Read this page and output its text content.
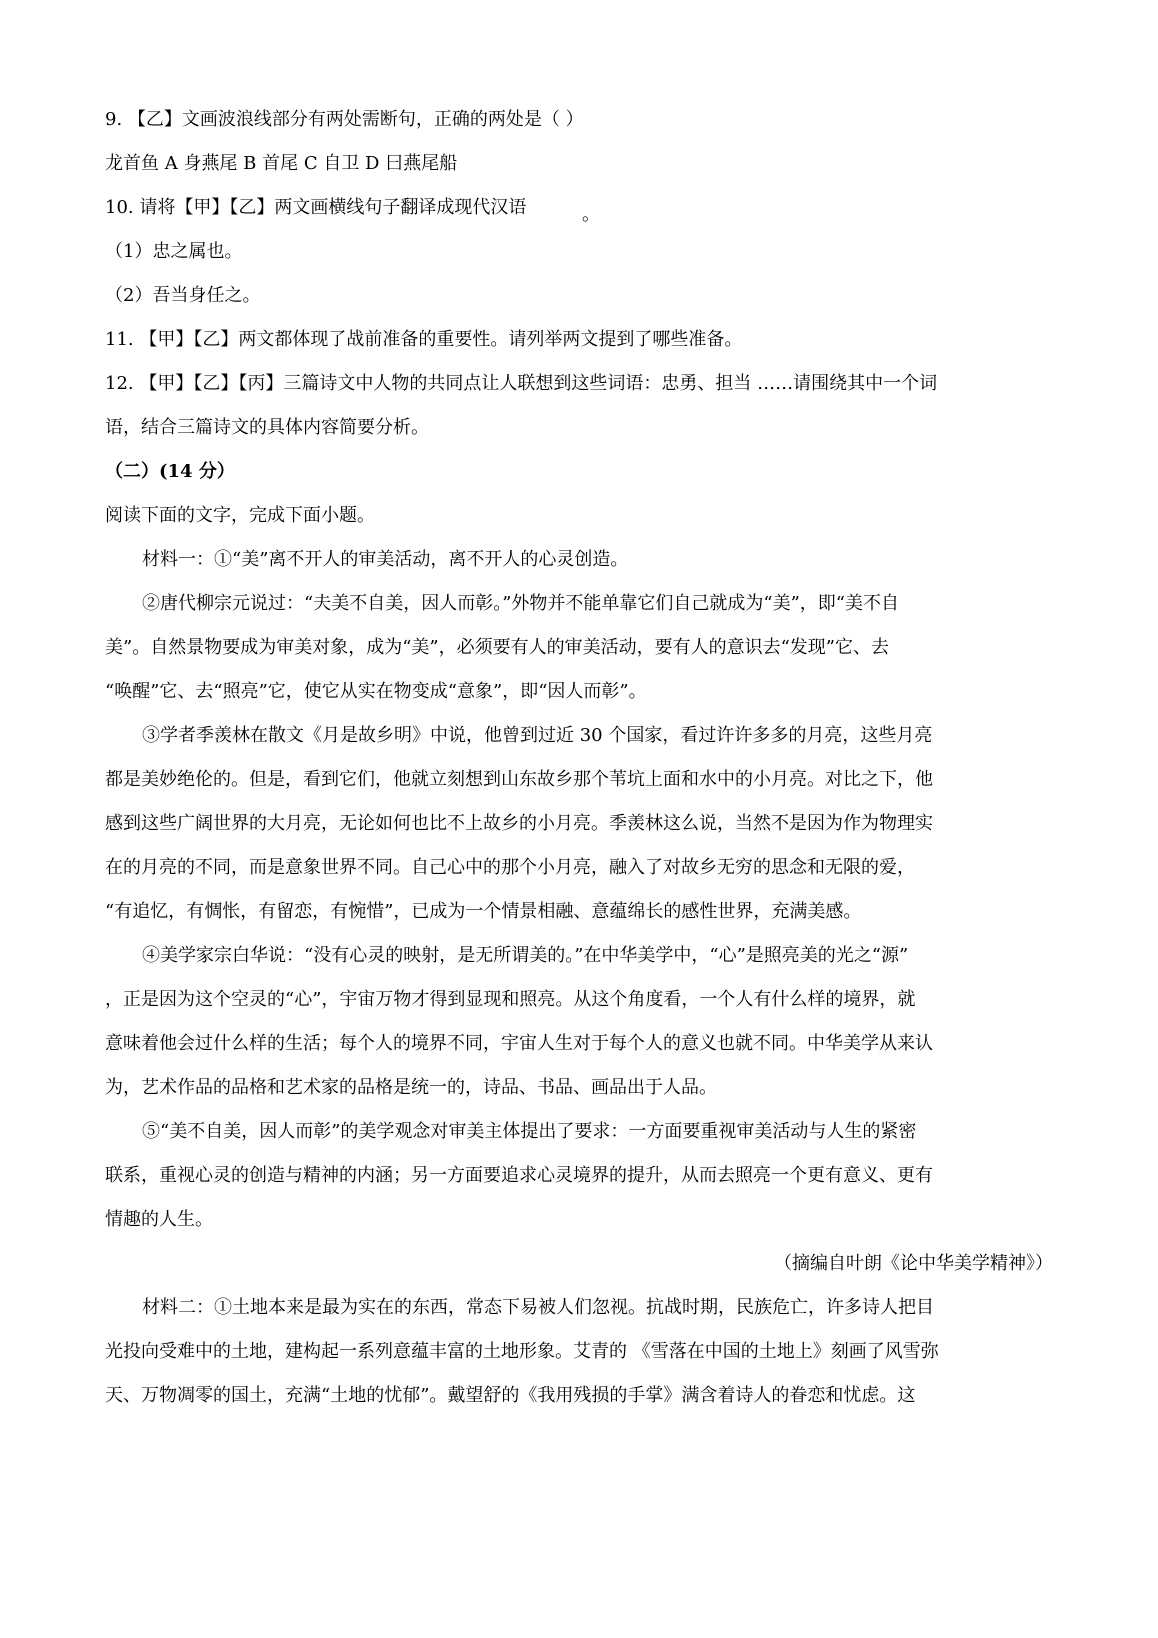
9. 【乙】文画波浪线部分有两处需断句，正确的两处是（ ）
龙首鱼 A 身燕尾 B 首尾 C 自卫 D 曰燕尾船
10. 请将【甲】【乙】两文画横线句子翻译成现代汉语	。
（1）忠之属也。
（2）吾当身任之。
11. 【甲】【乙】两文都体现了战前准备的重要性。请列举两文提到了哪些准备。
12. 【甲】【乙】【丙】三篇诗文中人物的共同点让人联想到这些词语：忠勇、担当 ……请围绕其中一个词
语，结合三篇诗文的具体内容简要分析。
（二）(14 分）
阅读下面的文字，完成下面小题。
材料一：①“美”离不开人的审美活动，离不开人的心灵创造。
②唐代柳宗元说过：“夫美不自美，因人而彰。”外物并不能单靠它们自己就成为“美”，即“美不自
美”。自然景物要成为审美对象，成为“美”，必须要有人的审美活动，要有人的意识去“发现”它、去
“唤醒”它、去“照亮”它，使它从实在物变成“意象”，即“因人而彰”。
③学者季羡林在散文《月是故乡明》中说，他曾到过近 30 个国家，看过许许多多的月亮，这些月亮
都是美妙绝伦的。但是，看到它们，他就立刻想到山东故乡那个苇坑上面和水中的小月亮。对比之下，他
感到这些广阔世界的大月亮，无论如何也比不上故乡的小月亮。季羡林这么说，当然不是因为作为物理实
在的月亮的不同，而是意象世界不同。自己心中的那个小月亮，融入了对故乡无穷的思念和无限的爱，
“有追忆，有惆怅，有留恋，有惋惜”，已成为一个情景相融、意蕴绵长的感性世界，充满美感。
④美学家宗白华说：“没有心灵的映射，是无所谓美的。”在中华美学中，“心”是照亮美的光之“源”
，正是因为这个空灵的“心”，宇宙万物才得到显现和照亮。从这个角度看，一个人有什么样的境界，就
意味着他会过什么样的生活；每个人的境界不同，宇宙人生对于每个人的意义也就不同。中华美学从来认
为，艺术作品的品格和艺术家的品格是统一的，诗品、书品、画品出于人品。
⑤“美不自美，因人而彰”的美学观念对审美主体提出了要求：一方面要重视审美活动与人生的紧密
联系，重视心灵的创造与精神的内涵；另一方面要追求心灵境界的提升，从而去照亮一个更有意义、更有
情趣的人生。
（摘编自叶朗《论中华美学精神》）
材料二：①土地本来是最为实在的东西，常态下易被人们忽视。抗战时期，民族危亡，许多诗人把目
光投向受难中的土地，建构起一系列意蕴丰富的土地形象。艾青的 《雪落在中国的土地上》刻画了风雪弥
天、万物凋零的国土，充满“土地的忧郁”。戴望舒的《我用残损的手掌》满含着诗人的眷恋和忧虑。这
